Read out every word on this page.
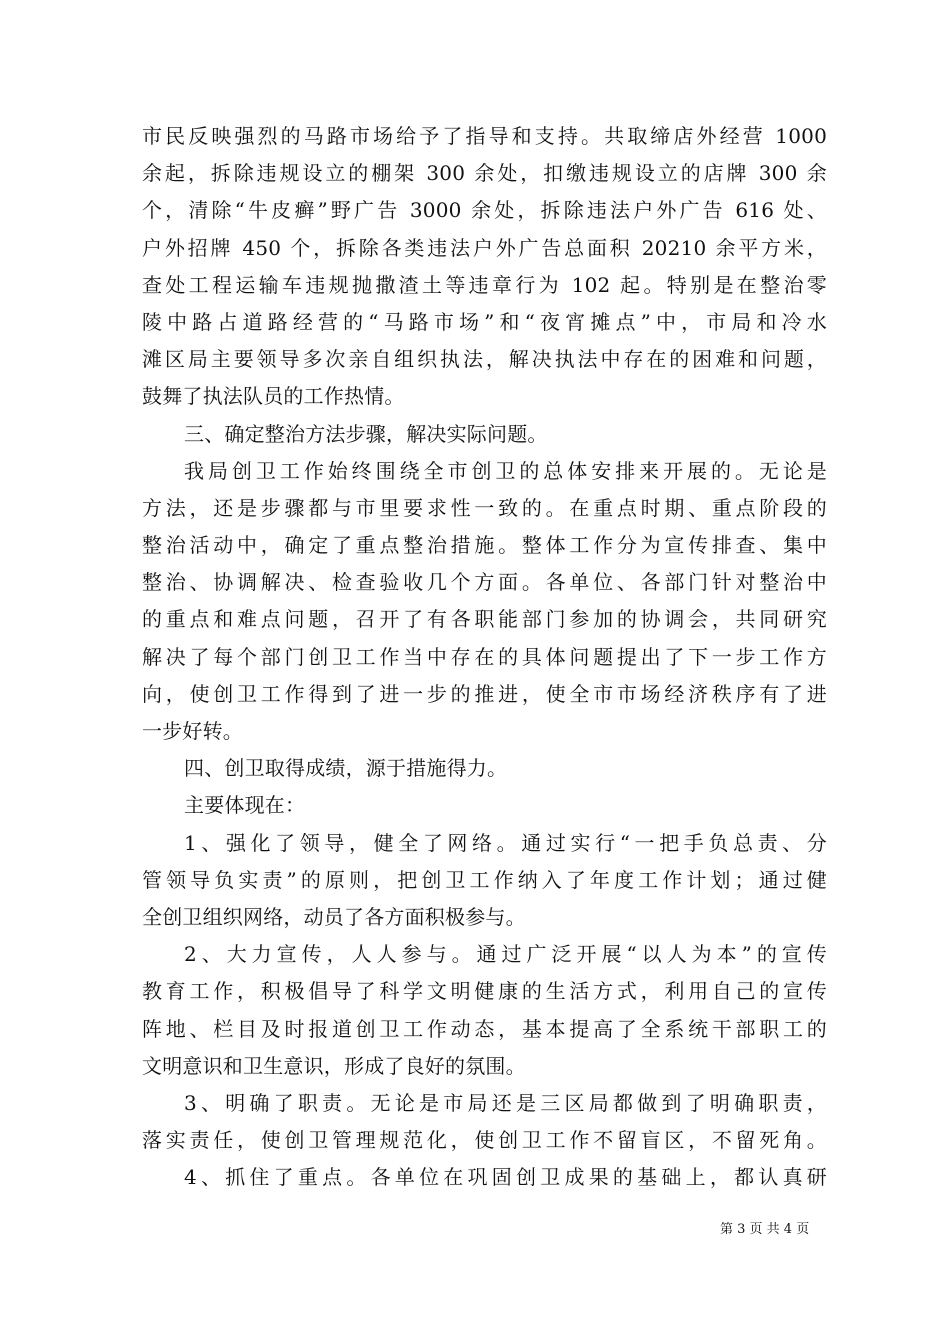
市民反映强烈的马路市场给予了指导和支持。共取缔店外经营 1000
余起，拆除违规设立的棚架 300 余处，扣缴违规设立的店牌 300 余
个，清除“牛皮癣”野广告 3000 余处，拆除违法户外广告 616 处、
户外招牌 450 个，拆除各类违法户外广告总面积 20210 余平方米，
查处工程运输车违规抛撒渣土等违章行为 102 起。特别是在整治零
陵中路占道路经营的“马路市场”和“夜宵摊点”中，市局和冷水
滩区局主要领导多次亲自组织执法，解决执法中存在的困难和问题，
鼓舞了执法队员的工作热情。
三、确定整治方法步骤，解决实际问题。
我局创卫工作始终围绕全市创卫的总体安排来开展的。无论是
方法，还是步骤都与市里要求性一致的。在重点时期、重点阶段的
整治活动中，确定了重点整治措施。整体工作分为宣传排查、集中
整治、协调解决、检查验收几个方面。各单位、各部门针对整治中
的重点和难点问题，召开了有各职能部门参加的协调会，共同研究
解决了每个部门创卫工作当中存在的具体问题提出了下一步工作方
向，使创卫工作得到了进一步的推进，使全市市场经济秩序有了进
一步好转。
四、创卫取得成绩，源于措施得力。
主要体现在：
1、强化了领导，健全了网络。通过实行“一把手负总责、分
管领导负实责”的原则，把创卫工作纳入了年度工作计划；通过健
全创卫组织网络，动员了各方面积极参与。
2、大力宣传，人人参与。通过广泛开展“以人为本”的宣传
教育工作，积极倡导了科学文明健康的生活方式，利用自己的宣传
阵地、栏目及时报道创卫工作动态，基本提高了全系统干部职工的
文明意识和卫生意识，形成了良好的氛围。
3、明确了职责。无论是市局还是三区局都做到了明确职责，
落实责任，使创卫管理规范化，使创卫工作不留盲区，不留死角。
4、抓住了重点。各单位在巩固创卫成果的基础上，都认真研
第 3 页 共 4 页
